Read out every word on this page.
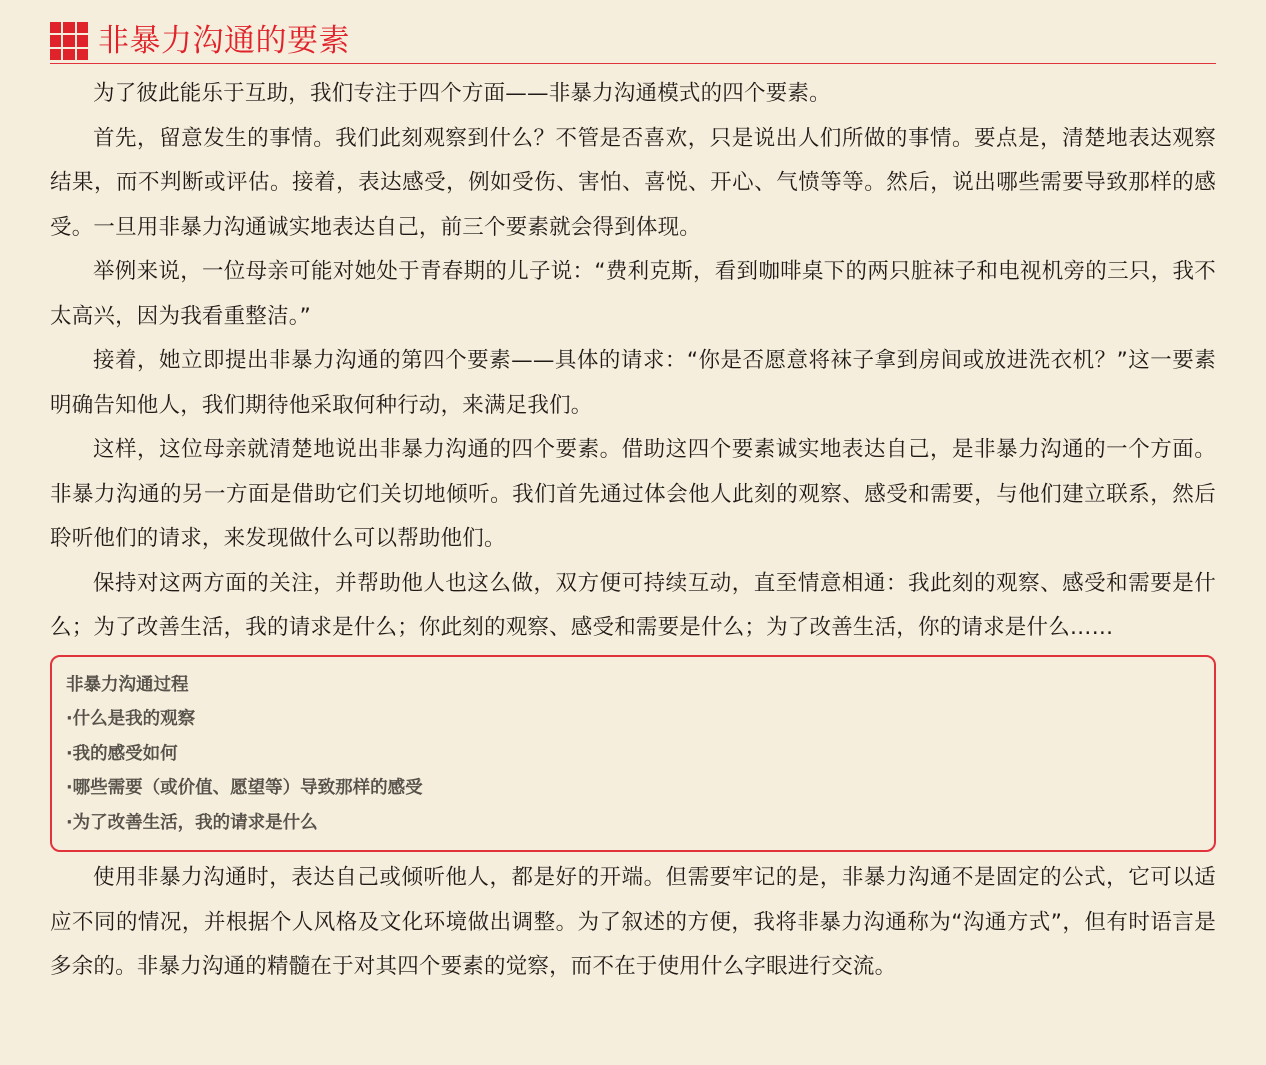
非暴力沟通的要素

为了彼此能乐于互助，我们专注于四个方面——非暴力沟通模式的四个要素。

首先，留意发生的事情。我们此刻观察到什么？不管是否喜欢，只是说出人们所做的事情。要点是，清楚地表达观察结果，而不判断或评估。接着，表达感受，例如受伤、害怕、喜悦、开心、气愤等等。然后，说出哪些需要导致那样的感受。一旦用非暴力沟通诚实地表达自己，前三个要素就会得到体现。

举例来说，一位母亲可能对她处于青春期的儿子说：“费利克斯，看到咖啡桌下的两只脏袜子和电视机旁的三只，我不太高兴，因为我看重整洁。”

接着，她立即提出非暴力沟通的第四个要素——具体的请求：“你是否愿意将袜子拿到房间或放进洗衣机？”这一要素明确告知他人，我们期待他采取何种行动，来满足我们。

这样，这位母亲就清楚地说出非暴力沟通的四个要素。借助这四个要素诚实地表达自己，是非暴力沟通的一个方面。非暴力沟通的另一方面是借助它们关切地倾听。我们首先通过体会他人此刻的观察、感受和需要，与他们建立联系，然后聆听他们的请求，来发现做什么可以帮助他们。

保持对这两方面的关注，并帮助他人也这么做，双方便可持续互动，直至情意相通：我此刻的观察、感受和需要是什么；为了改善生活，我的请求是什么；你此刻的观察、感受和需要是什么；为了改善生活，你的请求是什么……

非暴力沟通过程

·什么是我的观察

·我的感受如何

·哪些需要（或价值、愿望等）导致那样的感受

·为了改善生活，我的请求是什么

使用非暴力沟通时，表达自己或倾听他人，都是好的开端。但需要牢记的是，非暴力沟通不是固定的公式，它可以适应不同的情况，并根据个人风格及文化环境做出调整。为了叙述的方便，我将非暴力沟通称为“沟通方式”，但有时语言是多余的。非暴力沟通的精髓在于对其四个要素的觉察，而不在于使用什么字眼进行交流。
